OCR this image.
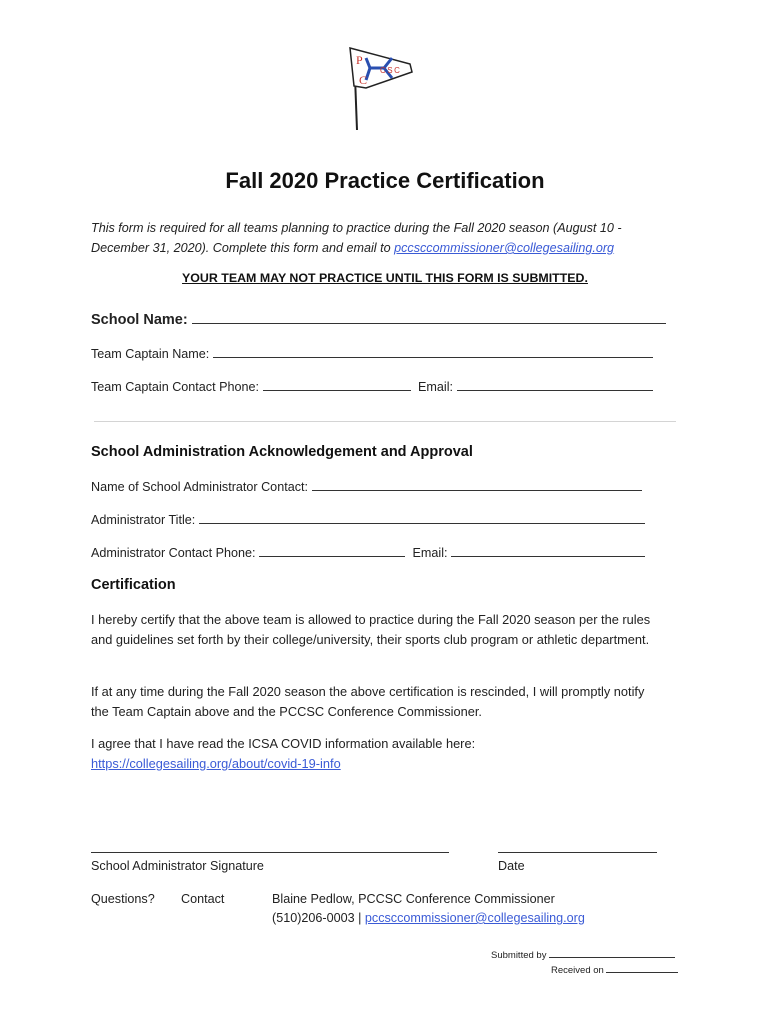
P
C
CSC
Fall 2020 Practice Certification
This form is required for all teams planning to practice during the Fall 2020 season (August 10 - December 31, 2020). Complete this form and email to pccsccommissioner@collegesailing.org
YOUR TEAM MAY NOT PRACTICE UNTIL THIS FORM IS SUBMITTED.
School Name:
Team Captain Name:
Team Captain Contact Phone:	Email:
School Administration Acknowledgement and Approval
Name of School Administrator Contact:
Administrator Title:
Administrator Contact Phone:	Email:
Certification
I hereby certify that the above team is allowed to practice during the Fall 2020 season per the rules and guidelines set forth by their college/university, their sports club program or athletic department.
If at any time during the Fall 2020 season the above certification is rescinded, I will promptly notify the Team Captain above and the PCCSC Conference Commissioner.
I agree that I have read the ICSA COVID information available here:
https://collegesailing.org/about/covid-19-info
School Administrator Signature	Date
Questions? Contact	Blaine Pedlow, PCCSC Conference Commissioner
(510)206-0003 | pccsccommissioner@collegesailing.org
Submitted by
Received on
